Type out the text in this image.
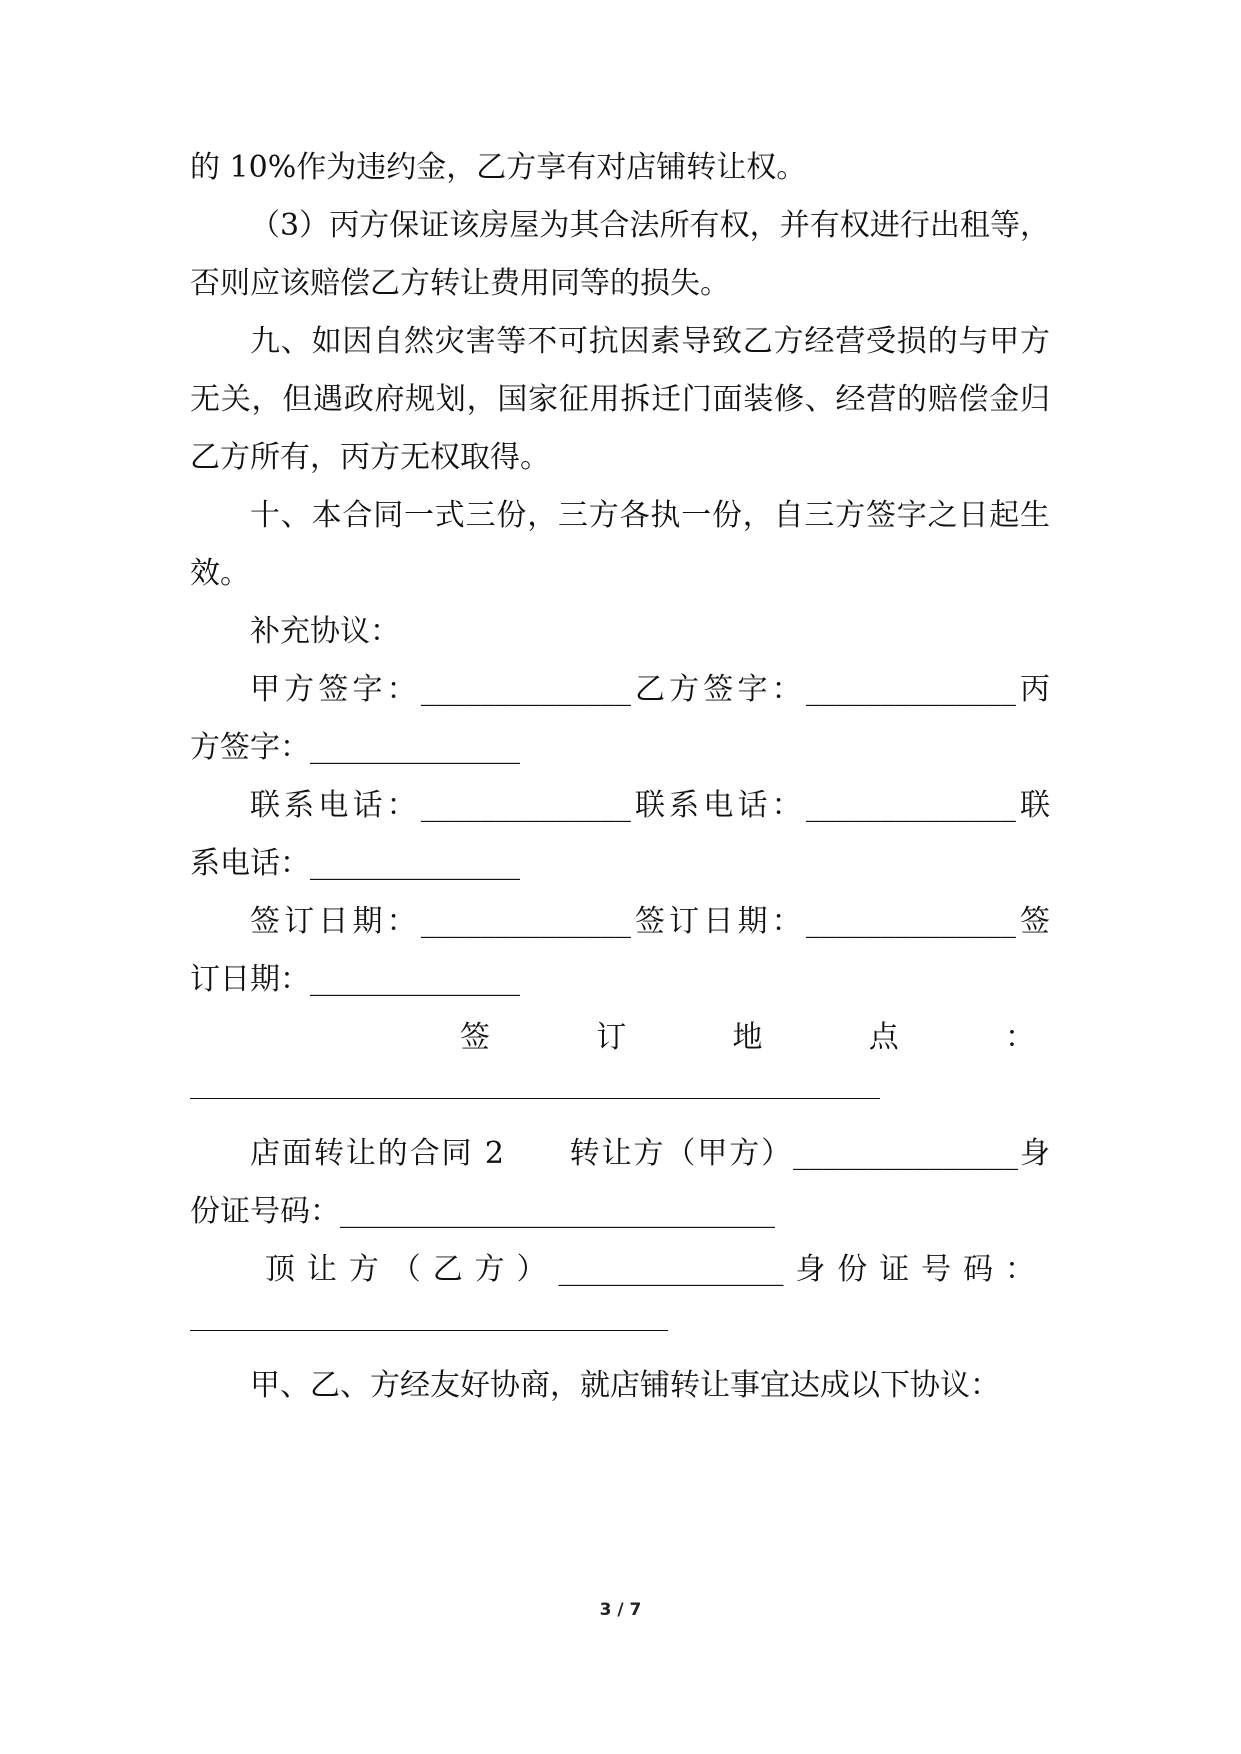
的 10%作为违约金，乙方享有对店铺转让权。

（3）丙方保证该房屋为其合法所有权，并有权进行出租等，

否则应该赔偿乙方转让费用同等的损失。

九、如因自然灾害等不可抗因素导致乙方经营受损的与甲方

无关，但遇政府规划，国家征用拆迁门面装修、经营的赔偿金归

乙方所有，丙方无权取得。

十、本合同一式三份，三方各执一份，自三方签字之日起生

效。

补充协议：

甲方签字：______________乙方签字：______________丙

方签字：______________

联系电话：______________联系电话：______________联

系电话：______________

签订日期：______________签订日期：______________签

订日期：______________

签	订	地	点	：

店面转让的合同 2　　转让方（甲方）_______________身

份证号码：_____________________________

顶 让 方 （ 乙 方 ） _______________ 身 份 证 号 码 ：

甲、乙、方经友好协商，就店铺转让事宜达成以下协议：

3 / 7
